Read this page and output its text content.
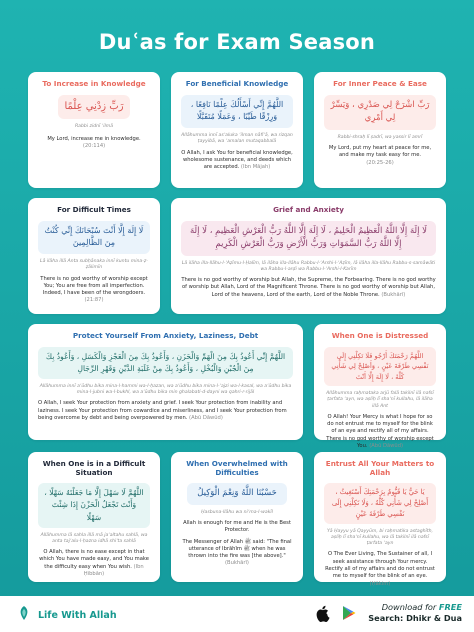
Duʿas for Exam Season
To Increase in Knowledge
رَبِّ زِدْنِي عِلْمًا
Rabbi zidnī ʿilmā
My Lord, increase me in knowledge.
(20:114)
For Beneficial Knowledge
اللَّهُمَّ إِنِّي أَسْأَلُكَ عِلْمًا نَافِعًا ، وَرِزْقًا طَيِّبًا ، وَعَمَلًا مُتَقَبَّلًا
Allāhumma innī asʾaluka ʿilman nāfiʿā, wa rizqan ṭayyibā, wa ʿamalan mutaqabbalā
O Allah, I ask You for beneficial knowledge, wholesome sustenance, and deeds which are accepted. (Ibn Mājah)
For Inner Peace & Ease
رَبِّ اشْرَحْ لِي صَدْرِي ، وَيَسِّرْ لِي أَمْرِي
Rabbi-shraḥ lī ṣadrī, wa yassir lī amrī
My Lord, put my heart at peace for me, and make my task easy for me.
(20:25-26)
For Difficult Times
لَا إِلَهَ إِلَّا أَنْتَ سُبْحَانَكَ إِنِّي كُنْتُ مِنَ الظَّالِمِينَ
Lā ilāha illā Anta subḥānaka innī kuntu mina-ẓ-ẓālimīn
There is no god worthy of worship except You; You are free from all imperfection. Indeed, I have been of the wrongdoers. (21:87)
Grief and Anxiety
لَا إِلَهَ إِلَّا اللَّهُ الْعَظِيمُ الْحَلِيمُ ، لَا إِلَهَ إِلَّا اللَّهُ رَبُّ الْعَرْشِ الْعَظِيمِ ، لَا إِلَهَ إِلَّا اللَّهُ رَبُّ السَّمَوَاتِ وَرَبُّ الْأَرْضِ وَرَبُّ الْعَرْشِ الْكَرِيمِ
Lā ilāha illa-llāhu-l-ʿAẓīmu-l-Ḥalīm, lā ilāha illa-llāhu Rabbu-l-ʿArshi-l-ʿAẓīm, lā ilāha illa-llāhu Rabbu-s-samāwāti wa Rabbu-l-arḍi wa Rabbu-l-ʿArshi-l-Karīm
There is no god worthy of worship but Allah, the Supreme, the Forbearing. There is no god worthy of worship but Allah, Lord of the Magnificent Throne. There is no god worthy of worship but Allah, Lord of the heavens, Lord of the earth, Lord of the Noble Throne. (Bukhārī)
Protect Yourself From Anxiety, Laziness, Debt
اللَّهُمَّ إِنِّي أَعُوذُ بِكَ مِنَ الْهَمِّ وَالْحَزَنِ ، وَأَعُوذُ بِكَ مِنَ الْعَجْزِ وَالْكَسَلِ ، وَأَعُوذُ بِكَ مِنَ الْجُبْنِ وَالْبُخْلِ ، وَأَعُوذُ بِكَ مِنْ غَلَبَةِ الدَّيْنِ وَقَهْرِ الرِّجَالِ
Allāhumma innī aʿūdhu bika mina-l-hammi wa-l-ḥazan, wa aʿūdhu bika mina-l-ʿajzi wa-l-kasal, wa aʿūdhu bika mina-l-jubni wa-l-bukhl, wa aʿūdhu bika min ghalabati-d-dayni wa qahri-r-rijāl
O Allah, I seek Your protection from anxiety and grief. I seek Your protection from inability and laziness. I seek Your protection from cowardice and miserliness, and I seek Your protection from being overcome by debt and being overpowered by men. (Abū Dāwūd)
When One is Distressed
اللَّهُمَّ رَحْمَتَكَ أَرْجُو فَلَا تَكِلْنِي إِلَى نَفْسِي طَرْفَةَ عَيْنٍ ، وَأَصْلِحْ لِي شَأْنِي كُلَّهُ ، لَا إِلَهَ إِلَّا أَنْتَ
Allāhumma raḥmataka arjū falā takilnī ilā nafsī ṭarfata ʿayn, wa aṣliḥ lī shaʾnī kullahu, lā ilāha illā Ant
O Allah! Your Mercy is what I hope for so do not entrust me to myself for the blink of an eye and rectify all of my affairs. There is no god worthy of worship except You. (Abū Dāwūd)
When One is in a Difficult Situation
اللَّهُمَّ لَا سَهْلَ إِلَّا مَا جَعَلْتَهُ سَهْلًا ، وَأَنْتَ تَجْعَلُ الْحَزْنَ إِذَا شِئْتَ سَهْلًا
Allāhumma lā sahla illā mā jaʿaltahu sahlā, wa anta tajʿalu-l-ḥazna idhā shiʾta sahlā
O Allah, there is no ease except in that which You have made easy, and You make the difficulty easy when You wish. (Ibn Ḥibbān)
When Overwhelmed with Difficulties
حَسْبُنَا اللَّهُ وَنِعْمَ الْوَكِيلُ
Ḥasbuna-llāhu wa niʿma-l-wakīl
Allah is enough for me and He is the Best Protector.
The Messenger of Allah ﷺ said: "The final utterance of Ibrāhīm ﷺ when he was thrown into the fire was [the above]." (Bukhārī)
Entrust All Your Matters to Allah
يَا حَيُّ يَا قَيُّومُ بِرَحْمَتِكَ أَسْتَغِيثُ ، أَصْلِحْ لِي شَأْنِي كُلَّهُ ، وَلَا تَكِلْنِي إِلَى نَفْسِي طَرْفَةَ عَيْنٍ
Yā Ḥayyu yā Qayyūm, bi raḥmatika astaghīth, aṣliḥ lī shaʾnī kullahu, wa lā takilnī ilā nafsī ṭarfata ʿayn
O The Ever Living, The Sustainer of all, I seek assistance through Your mercy. Rectify all of my affairs and do not entrust me to myself for the blink of an eye. (Ḥākim)
Life With Allah
Download for FREE
Search: Dhikr & Dua
